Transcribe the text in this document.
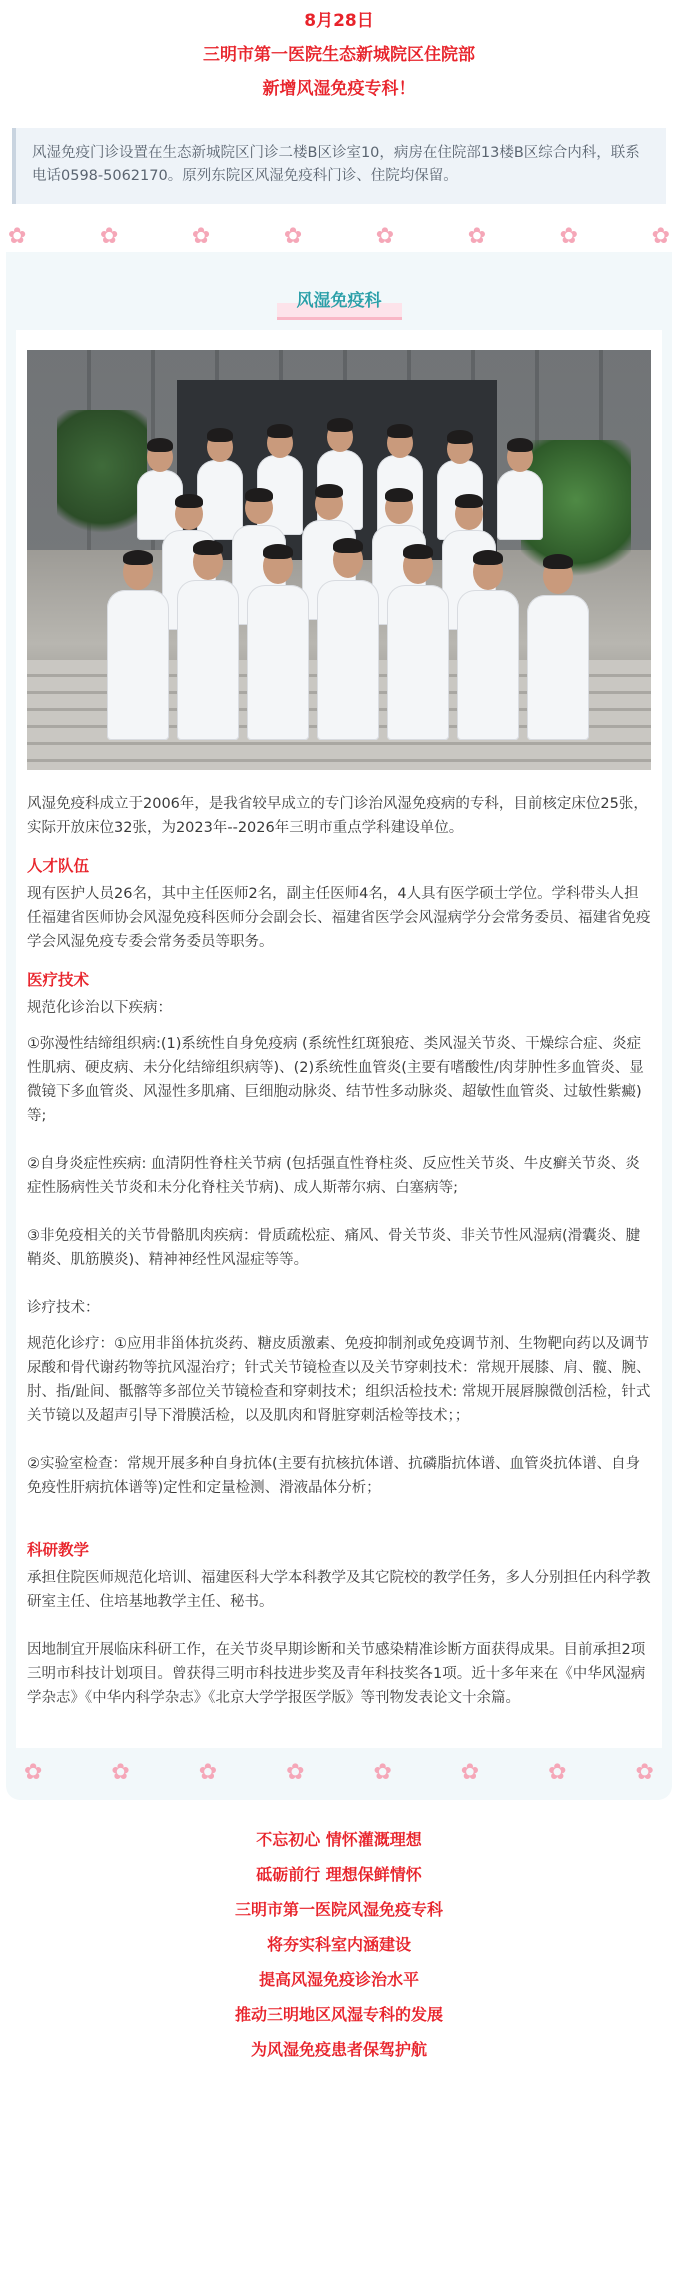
8月28日
三明市第一医院生态新城院区住院部
新增风湿免疫专科！
风湿免疫门诊设置在生态新城院区门诊二楼B区诊室10，病房在住院部13楼B区综合内科，联系电话0598-5062170。原列东院区风湿免疫科门诊、住院均保留。
✿	✿	✿	✿	✿	✿	✿	✿
风湿免疫科
风湿免疫科成立于2006年，是我省较早成立的专门诊治风湿免疫病的专科，目前核定床位25张，实际开放床位32张，为2023年--2026年三明市重点学科建设单位。
人才队伍
现有医护人员26名，其中主任医师2名，副主任医师4名，4人具有医学硕士学位。学科带头人担任福建省医师协会风湿免疫科医师分会副会长、福建省医学会风湿病学分会常务委员、福建省免疫学会风湿免疫专委会常务委员等职务。
医疗技术
规范化诊治以下疾病：
①弥漫性结缔组织病:(1)系统性自身免疫病 (系统性红斑狼疮、类风湿关节炎、干燥综合症、炎症性肌病、硬皮病、未分化结缔组织病等)、(2)系统性血管炎(主要有嗜酸性/肉芽肿性多血管炎、显微镜下多血管炎、风湿性多肌痛、巨细胞动脉炎、结节性多动脉炎、超敏性血管炎、过敏性紫癜)等;
②自身炎症性疾病: 血清阴性脊柱关节病 (包括强直性脊柱炎、反应性关节炎、牛皮癣关节炎、炎症性肠病性关节炎和未分化脊柱关节病)、成人斯蒂尔病、白塞病等;
③非免疫相关的关节骨骼肌肉疾病：骨质疏松症、痛风、骨关节炎、非关节性风湿病(滑囊炎、腱鞘炎、肌筋膜炎)、精神神经性风湿症等等。
诊疗技术：
规范化诊疗：①应用非甾体抗炎药、糖皮质激素、免疫抑制剂或免疫调节剂、生物靶向药以及调节尿酸和骨代谢药物等抗风湿治疗；针式关节镜检查以及关节穿刺技术：常规开展膝、肩、髋、腕、肘、指/趾间、骶髂等多部位关节镜检查和穿刺技术；组织活检技术: 常规开展唇腺微创活检，针式关节镜以及超声引导下滑膜活检，以及肌肉和肾脏穿刺活检等技术；；
②实验室检查：常规开展多种自身抗体(主要有抗核抗体谱、抗磷脂抗体谱、血管炎抗体谱、自身免疫性肝病抗体谱等)定性和定量检测、滑液晶体分析；
科研教学
承担住院医师规范化培训、福建医科大学本科教学及其它院校的教学任务，多人分别担任内科学教研室主任、住培基地教学主任、秘书。
因地制宜开展临床科研工作，在关节炎早期诊断和关节感染精准诊断方面获得成果。目前承担2项三明市科技计划项目。曾获得三明市科技进步奖及青年科技奖各1项。近十多年来在《中华风湿病学杂志》《中华内科学杂志》《北京大学学报医学版》等刊物发表论文十余篇。
✿	✿	✿	✿	✿	✿	✿	✿
不忘初心 情怀灌溉理想
砥砺前行 理想保鲜情怀
三明市第一医院风湿免疫专科
将夯实科室内涵建设
提高风湿免疫诊治水平
推动三明地区风湿专科的发展
为风湿免疫患者保驾护航
